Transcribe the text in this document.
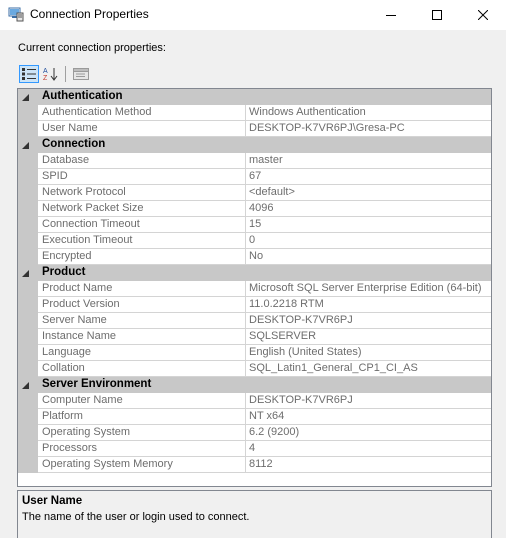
Connection Properties
Current connection properties:
A
Z
Authentication
Authentication Method	Windows Authentication
User Name	DESKTOP-K7VR6PJ\Gresa-PC
Connection
Database	master
SPID	67
Network Protocol	<default>
Network Packet Size	4096
Connection Timeout	15
Execution Timeout	0
Encrypted	No
Product
Product Name	Microsoft SQL Server Enterprise Edition (64-bit)
Product Version	11.0.2218 RTM
Server Name	DESKTOP-K7VR6PJ
Instance Name	SQLSERVER
Language	English (United States)
Collation	SQL_Latin1_General_CP1_CI_AS
Server Environment
Computer Name	DESKTOP-K7VR6PJ
Platform	NT x64
Operating System	6.2 (9200)
Processors	4
Operating System Memory	8112
User Name
The name of the user or login used to connect.
